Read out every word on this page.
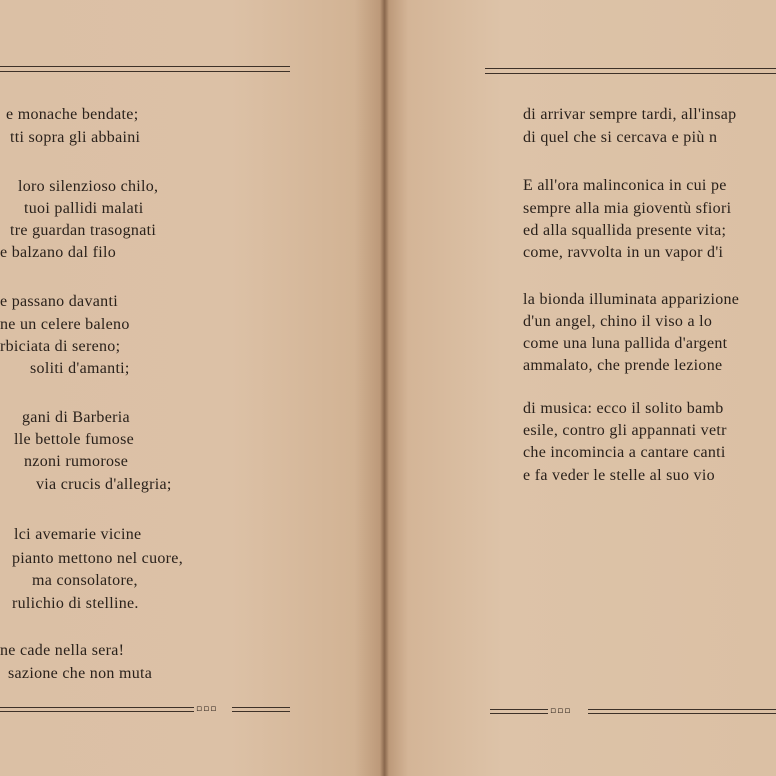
e monache bendate;
tti sopra gli abbaini
loro silenzioso chilo,
tuoi pallidi malati
tre guardan trasognati
e balzano dal filo
e passano davanti
ne un celere baleno
rbiciata di sereno;
soliti d'amanti;
gani di Barberia
lle bettole fumose
nzoni rumorose
via crucis d'allegria;
lci avemarie vicine
pianto mettono nel cuore,
ma consolatore,
rulichio di stelline.
ne cade nella sera!
sazione che non muta
▫▫▫
di arrivar sempre tardi, all'insap
di quel che si cercava e più n
E all'ora malinconica in cui pe
sempre alla mia gioventù sfiori
ed alla squallida presente vita;
come, ravvolta in un vapor d'i
la bionda illuminata apparizione
d'un angel, chino il viso a lo
come una luna pallida d'argent
ammalato, che prende lezione
di musica: ecco il solito bamb
esile, contro gli appannati vetr
che incomincia a cantare canti
e fa veder le stelle al suo vio
▫▫▫
